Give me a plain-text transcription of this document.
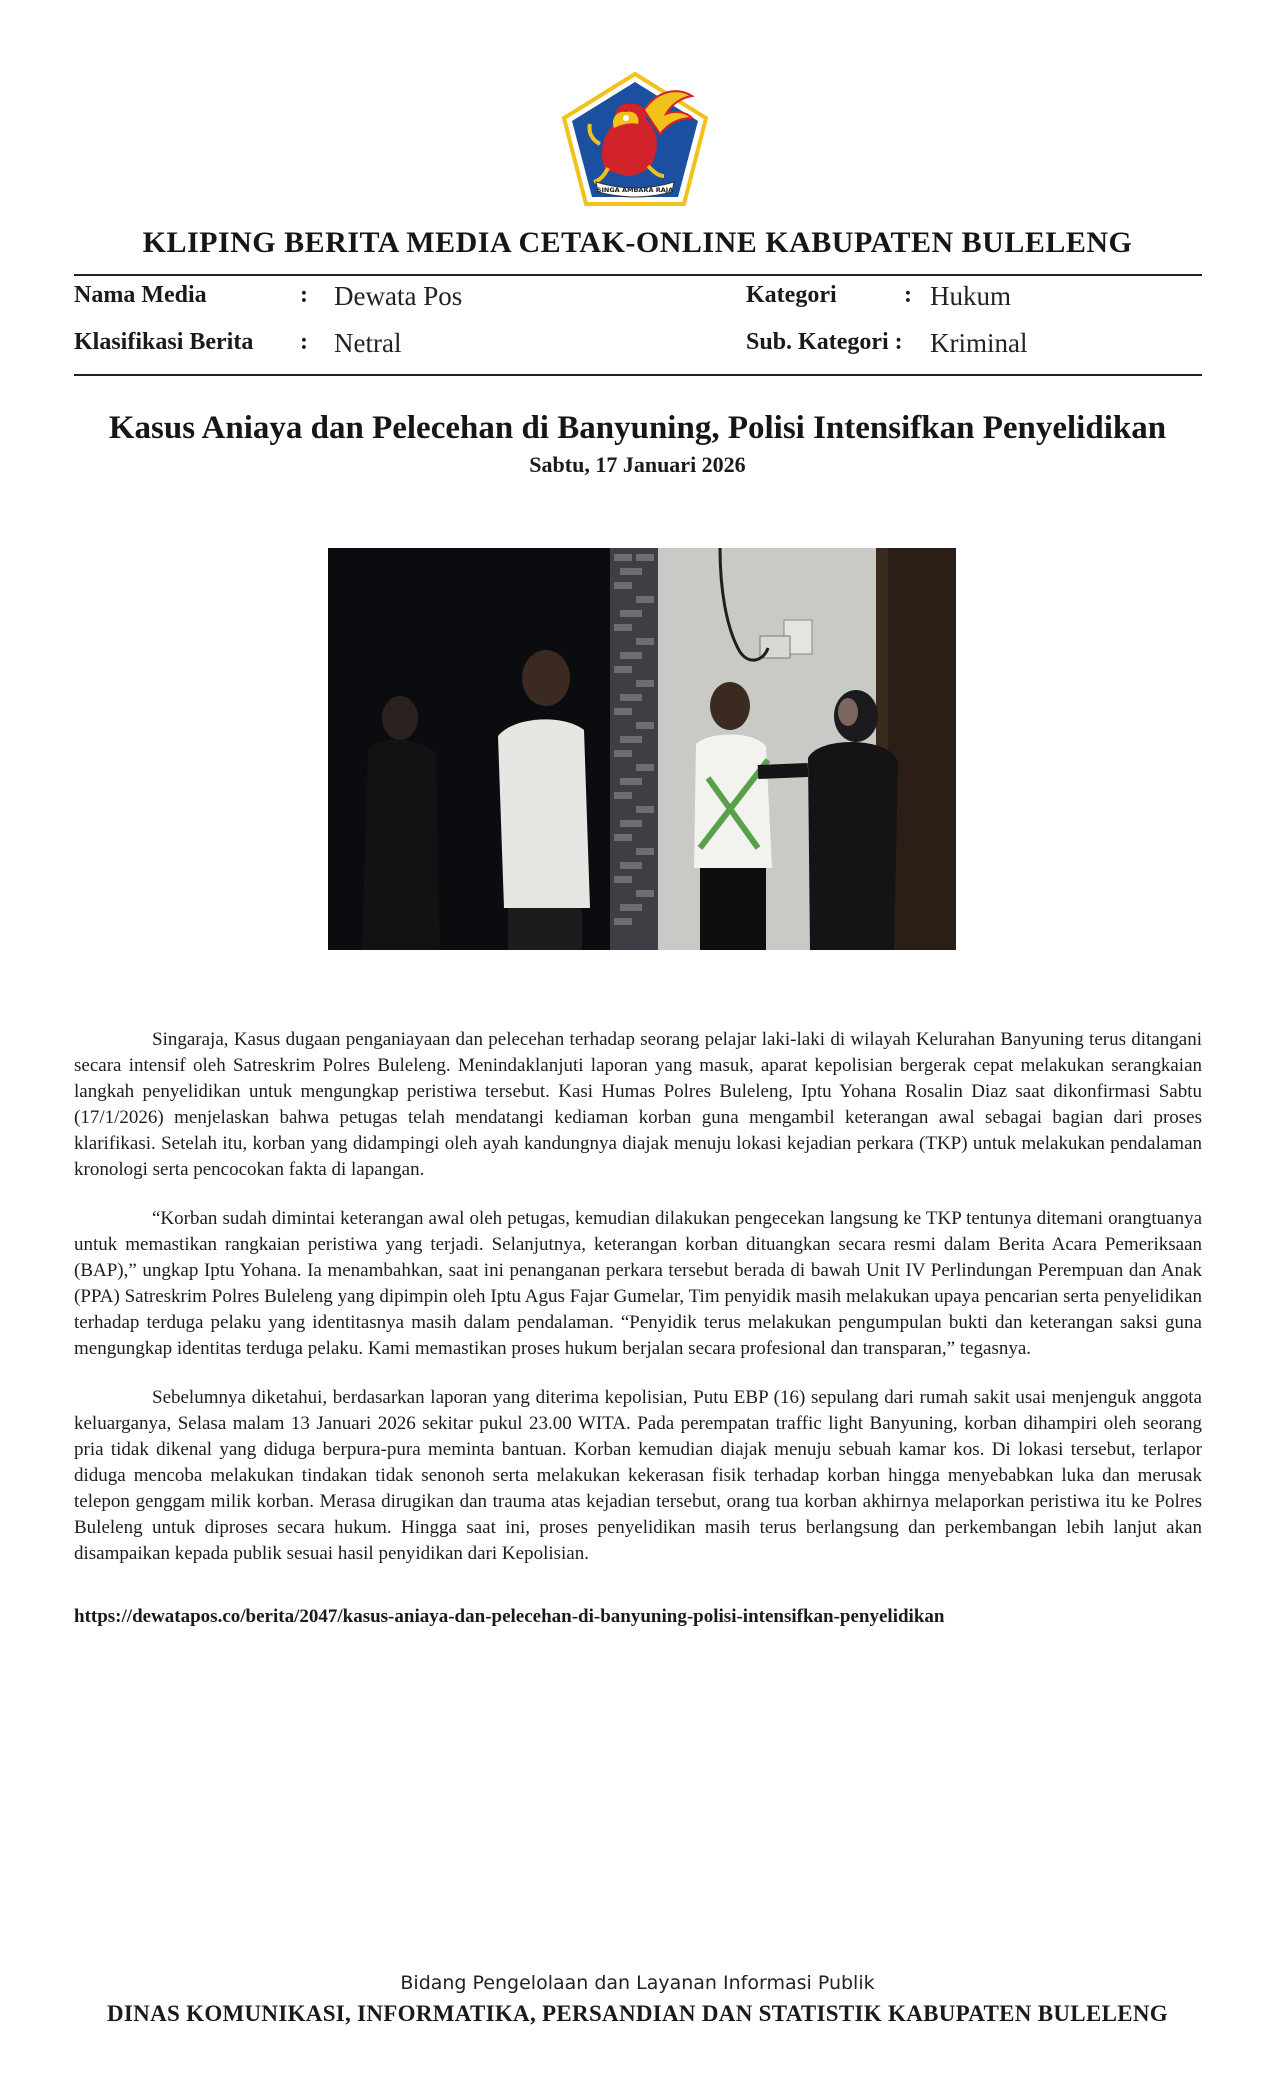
SINGA AMBARA RAJA
KLIPING BERITA MEDIA CETAK-ONLINE KABUPATEN BULELENG
Nama Media	: Dewata Pos	Kategori	: Hukum
Klasifikasi Berita : Netral	Sub. Kategori : Kriminal
Kasus Aniaya dan Pelecehan di Banyuning, Polisi Intensifkan Penyelidikan
Sabtu, 17 Januari 2026

Singaraja, Kasus dugaan penganiayaan dan pelecehan terhadap seorang pelajar laki-laki di wilayah Kelurahan Banyuning terus ditangani secara intensif oleh Satreskrim Polres Buleleng. Menindaklanjuti laporan yang masuk, aparat kepolisian bergerak cepat melakukan serangkaian langkah penyelidikan untuk mengungkap peristiwa tersebut. Kasi Humas Polres Buleleng, Iptu Yohana Rosalin Diaz saat dikonfirmasi Sabtu (17/1/2026) menjelaskan bahwa petugas telah mendatangi kediaman korban guna mengambil keterangan awal sebagai bagian dari proses klarifikasi. Setelah itu, korban yang didampingi oleh ayah kandungnya diajak menuju lokasi kejadian perkara (TKP) untuk melakukan pendalaman kronologi serta pencocokan fakta di lapangan.

“Korban sudah dimintai keterangan awal oleh petugas, kemudian dilakukan pengecekan langsung ke TKP tentunya ditemani orangtuanya untuk memastikan rangkaian peristiwa yang terjadi. Selanjutnya, keterangan korban dituangkan secara resmi dalam Berita Acara Pemeriksaan (BAP),” ungkap Iptu Yohana. Ia menambahkan, saat ini penanganan perkara tersebut berada di bawah Unit IV Perlindungan Perempuan dan Anak (PPA) Satreskrim Polres Buleleng yang dipimpin oleh Iptu Agus Fajar Gumelar, Tim penyidik masih melakukan upaya pencarian serta penyelidikan terhadap terduga pelaku yang identitasnya masih dalam pendalaman. “Penyidik terus melakukan pengumpulan bukti dan keterangan saksi guna mengungkap identitas terduga pelaku. Kami memastikan proses hukum berjalan secara profesional dan transparan,” tegasnya.

Sebelumnya diketahui, berdasarkan laporan yang diterima kepolisian, Putu EBP (16) sepulang dari rumah sakit usai menjenguk anggota keluarganya, Selasa malam 13 Januari 2026 sekitar pukul 23.00 WITA. Pada perempatan traffic light Banyuning, korban dihampiri oleh seorang pria tidak dikenal yang diduga berpura-pura meminta bantuan. Korban kemudian diajak menuju sebuah kamar kos. Di lokasi tersebut, terlapor diduga mencoba melakukan tindakan tidak senonoh serta melakukan kekerasan fisik terhadap korban hingga menyebabkan luka dan merusak telepon genggam milik korban. Merasa dirugikan dan trauma atas kejadian tersebut, orang tua korban akhirnya melaporkan peristiwa itu ke Polres Buleleng untuk diproses secara hukum. Hingga saat ini, proses penyelidikan masih terus berlangsung dan perkembangan lebih lanjut akan disampaikan kepada publik sesuai hasil penyidikan dari Kepolisian.

https://dewatapos.co/berita/2047/kasus-aniaya-dan-pelecehan-di-banyuning-polisi-intensifkan-penyelidikan
Bidang Pengelolaan dan Layanan Informasi Publik
DINAS KOMUNIKASI, INFORMATIKA, PERSANDIAN DAN STATISTIK KABUPATEN BULELENG
